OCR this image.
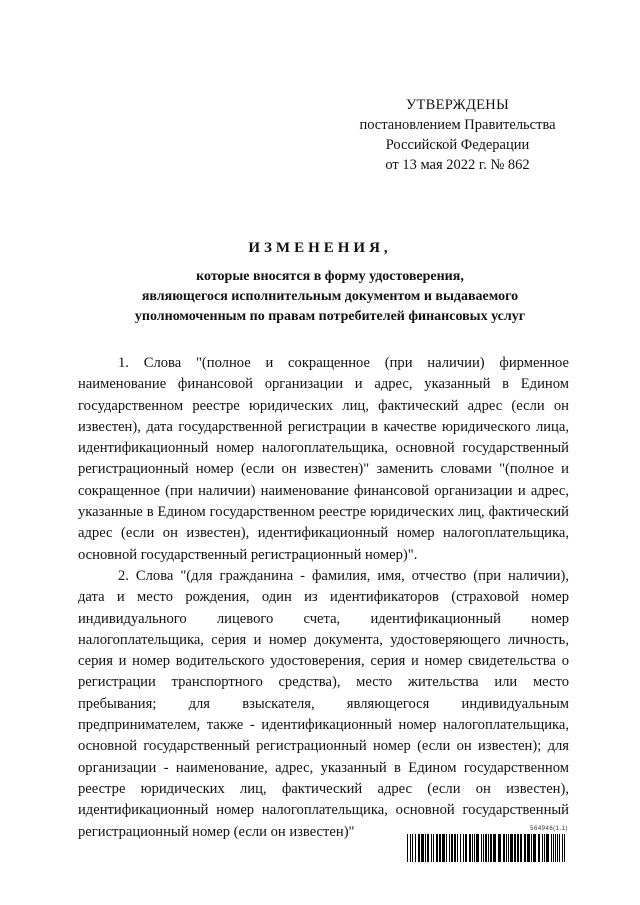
УТВЕРЖДЕНЫ
постановлением Правительства
Российской Федерации
от 13 мая 2022 г. № 862
ИЗМЕНЕНИЯ,
которые вносятся в форму удостоверения,
являющегося исполнительным документом и выдаваемого
уполномоченным по правам потребителей финансовых услуг

1. Слова "(полное и сокращенное (при наличии) фирменное наименование финансовой организации и адрес, указанный в Едином государственном реестре юридических лиц, фактический адрес (если он известен), дата государственной регистрации в качестве юридического лица, идентификационный номер налогоплательщика, основной государственный регистрационный номер (если он известен)" заменить словами "(полное и сокращенное (при наличии) наименование финансовой организации и адрес, указанные в Едином государственном реестре юридических лиц, фактический адрес (если он известен), идентификационный номер налогоплательщика, основной государственный регистрационный номер)".

2. Слова "(для гражданина - фамилия, имя, отчество (при наличии), дата и место рождения, один из идентификаторов (страховой номер индивидуального лицевого счета, идентификационный номер налогоплательщика, серия и номер документа, удостоверяющего личность, серия и номер водительского удостоверения, серия и номер свидетельства о регистрации транспортного средства), место жительства или место пребывания; для взыскателя, являющегося индивидуальным предпринимателем, также - идентификационный номер налогоплательщика, основной государственный регистрационный номер (если он известен); для организации - наименование, адрес, указанный в Едином государственном реестре юридических лиц, фактический адрес (если он известен), идентификационный номер налогоплательщика, основной государственный регистрационный номер (если он известен)"	564946(1.1)
